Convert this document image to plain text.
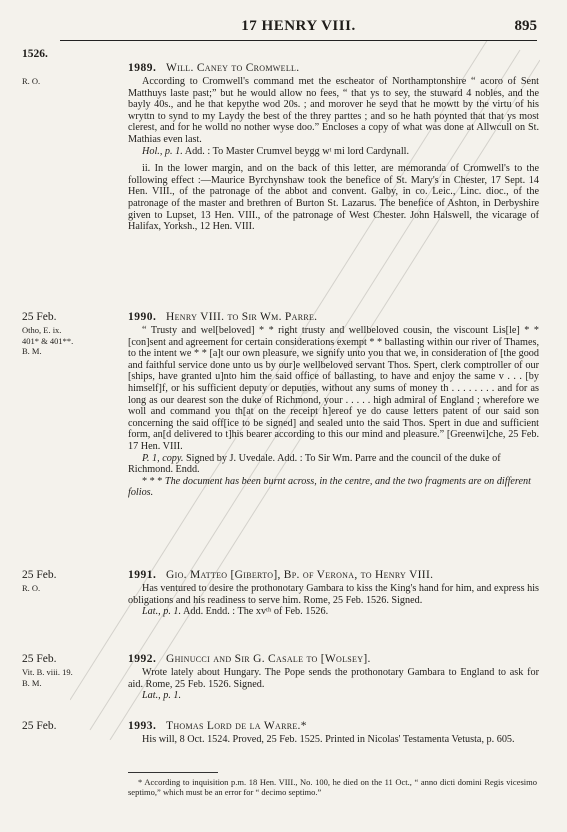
17 HENRY VIII.	895
1526.
1989. Will. Caney to Cromwell.
R. O.	According to Cromwell's command met the escheator of Northamptonshire “ acoro of Sent Matthuys laste past;” but he would allow no fees, “ that ys to sey, the stuward 4 nobles, and the bayly 40s., and he that kepythe wod 20s. ; and morover he seyd that he mowtt by the virtu of his wryttn to synd to my Laydy the best of the threy parttes ; and so he hath poynted that that ys most clerest, and for he wolld no nother wyse doo.” Encloses a copy of what was done at Allwcull on St. Mathias even last.
Hol., p. 1. Add. : To Master Crumvel beygg wᵗ mi lord Cardynall.
ii. In the lower margin, and on the back of this letter, are memoranda of Cromwell's to the following effect :—Maurice Byrchynshaw took the benefice of St. Mary's in Chester, 17 Sept. 14 Hen. VIII., of the patronage of the abbot and convent. Galby, in co. Leic., Linc. dioc., of the patronage of the master and brethren of Burton St. Lazarus. The benefice of Ashton, in Derbyshire given to Lupset, 13 Hen. VIII., of the patronage of West Chester. John Halswell, the vicarage of Halifax, Yorksh., 12 Hen. VIII.
25 Feb.	1990. Henry VIII. to Sir Wm. Parre.
Otho, E. ix.
401* & 401**.
B. M.
“ Trusty and wel[beloved] * * right trusty and wellbeloved cousin, the viscount Lis[le] * * [con]sent and agreement for certain considerations exempt * * ballasting within our river of Thames, to the intent we * * [a]t our own pleasure, we signify unto you that we, in consideration of [the good and faithful service done unto us by our]e wellbeloved servant Thos. Spert, clerk comptroller of our [ships, have granted u]nto him the said office of ballasting, to have and enjoy the same v . . . [by himself]f, or his sufficient deputy or deputies, without any sums of money th . . . . . . . . and for as long as our dearest son the duke of Richmond, your . . . . . high admiral of England ; wherefore we woll and command you th[at on the receipt h]ereof ye do cause letters patent of our said son concerning the said off[ice to be signed] and sealed unto the said Thos. Spert in due and sufficient form, an[d delivered to t]his bearer according to this our mind and pleasure.” [Greenwi]che, 25 Feb. 17 Hen. VIII.
P. 1, copy. Signed by J. Uvedale. Add. : To Sir Wm. Parre and the council of the duke of Richmond. Endd.
* * * The document has been burnt across, in the centre, and the two fragments are on different folios.
25 Feb.	1991. Gio. Matteo [Giberto], Bp. of Verona, to Henry VIII.
R. O.	Has ventured to desire the prothonotary Gambara to kiss the King's hand for him, and express his obligations and his readiness to serve him. Rome, 25 Feb. 1526. Signed.
Lat., p. 1. Add. Endd. : The xvᵗʰ of Feb. 1526.
25 Feb.	1992. Ghinucci and Sir G. Casale to [Wolsey].
Vit. B. viii. 19.
B. M.
Wrote lately about Hungary. The Pope sends the prothonotary Gambara to England to ask for aid. Rome, 25 Feb. 1526. Signed.
Lat., p. 1.
25 Feb.	1993. Thomas Lord de la Warre.*
His will, 8 Oct. 1524. Proved, 25 Feb. 1525. Printed in Nicolas' Testamenta Vetusta, p. 605.
* According to inquisition p.m. 18 Hen. VIII., No. 100, he died on the 11 Oct., “ anno dicti domini Regis vicesimo septimo,” which must be an error for “ decimo septimo.”
